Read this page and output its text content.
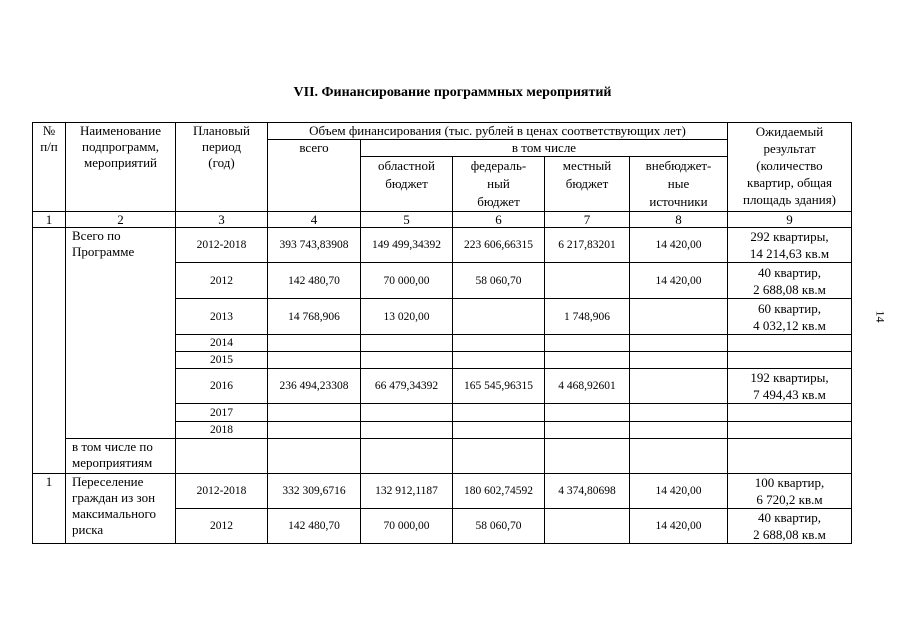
VII. Финансирование программных мероприятий
14
№
п/п	Наименование
подпрограмм,
мероприятий	Плановый
период
(год)	Объем финансирования (тыс. рублей в ценах соответствующих лет)					Ожидаемый
результат
(количество
квартир, общая
площадь здания)

			всего	в том числе				

				областной
бюджет	федераль-
ный
бюджет	местный
бюджет	внебюджет-
ные
источники	

1	2	3	4	5	6	7	8	9

	Всего по
Программе	2012-2018	393 743,83908	149 499,34392	223 606,66315	6 217,83201	14 420,00	292 квартиры,
14 214,63 кв.м

		2012	142 480,70	70 000,00	58 060,70		14 420,00	40 квартир,
2 688,08 кв.м

		2013	14 768,906	13 020,00		1 748,906		60 квартир,
4 032,12 кв.м

		2014						
		2015						
		2016	236 494,23308	66 479,34392	165 545,96315	4 468,92601		192 квартиры,
7 494,43 кв.м

		2017						
		2018						

	в том числе по
мероприятиям							

1	Переселение
граждан из зон
максимального
риска	2012-2018	332 309,6716	132 912,1187	180 602,74592	4 374,80698	14 420,00	100 квартир,
6 720,2 кв.м

		2012	142 480,70	70 000,00	58 060,70		14 420,00	40 квартир,
2 688,08 кв.м
